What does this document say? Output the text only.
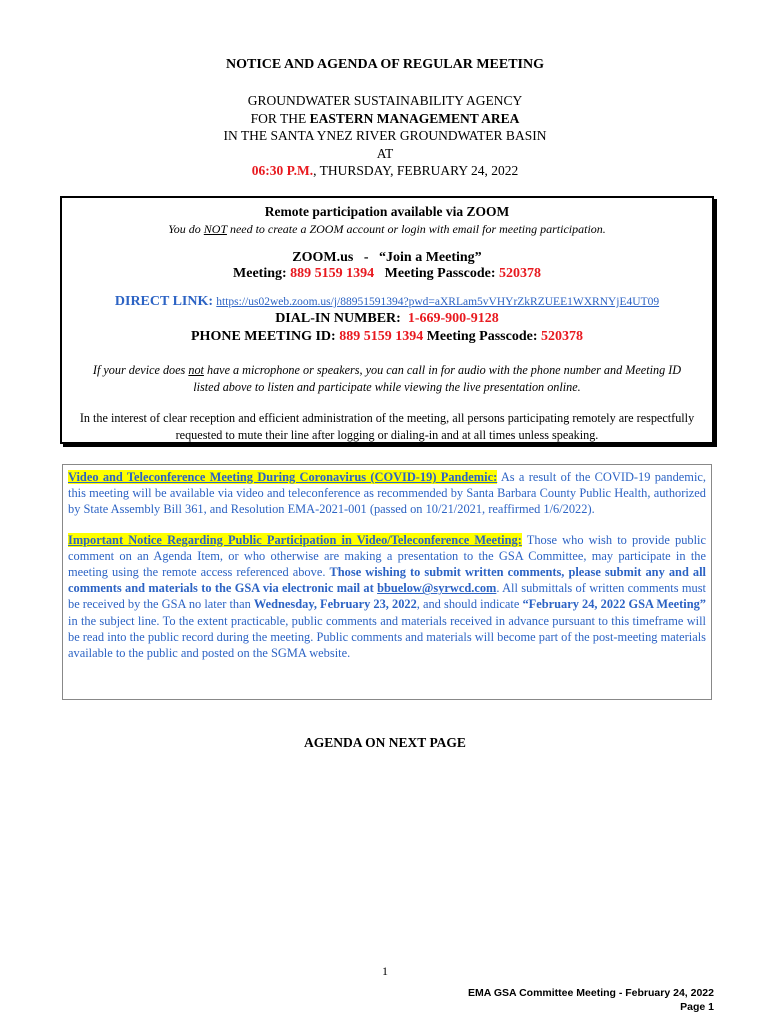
NOTICE AND AGENDA OF REGULAR MEETING
GROUNDWATER SUSTAINABILITY AGENCY
FOR THE EASTERN MANAGEMENT AREA
IN THE SANTA YNEZ RIVER GROUNDWATER BASIN
AT
06:30 P.M., THURSDAY, FEBRUARY 24, 2022
Remote participation available via ZOOM
You do NOT need to create a ZOOM account or login with email for meeting participation.
ZOOM.us   -   “Join a Meeting”
Meeting: 889 5159 1394   Meeting Passcode: 520378
DIRECT LINK: https://us02web.zoom.us/j/88951591394?pwd=aXRLam5vVHYrZkRZUEE1WXRNYjE4UT09
DIAL-IN NUMBER:  1-669-900-9128
PHONE MEETING ID: 889 5159 1394 Meeting Passcode: 520378
If your device does not have a microphone or speakers, you can call in for audio with the phone number and Meeting ID listed above to listen and participate while viewing the live presentation online.
In the interest of clear reception and efficient administration of the meeting, all persons participating remotely are respectfully requested to mute their line after logging or dialing-in and at all times unless speaking.

Video and Teleconference Meeting During Coronavirus (COVID-19) Pandemic: As a result of the COVID-19 pandemic, this meeting will be available via video and teleconference as recommended by Santa Barbara County Public Health, authorized by State Assembly Bill 361, and Resolution EMA-2021-001 (passed on 10/21/2021, reaffirmed 1/6/2022).

Important Notice Regarding Public Participation in Video/Teleconference Meeting: Those who wish to provide public comment on an Agenda Item, or who otherwise are making a presentation to the GSA Committee, may participate in the meeting using the remote access referenced above. Those wishing to submit written comments, please submit any and all comments and materials to the GSA via electronic mail at bbuelow@syrwcd.com. All submittals of written comments must be received by the GSA no later than Wednesday, February 23, 2022, and should indicate “February 24, 2022 GSA Meeting” in the subject line. To the extent practicable, public comments and materials received in advance pursuant to this timeframe will be read into the public record during the meeting. Public comments and materials will become part of the post-meeting materials available to the public and posted on the SGMA website.

AGENDA ON NEXT PAGE
1
EMA GSA Committee Meeting - February 24, 2022
Page 1
